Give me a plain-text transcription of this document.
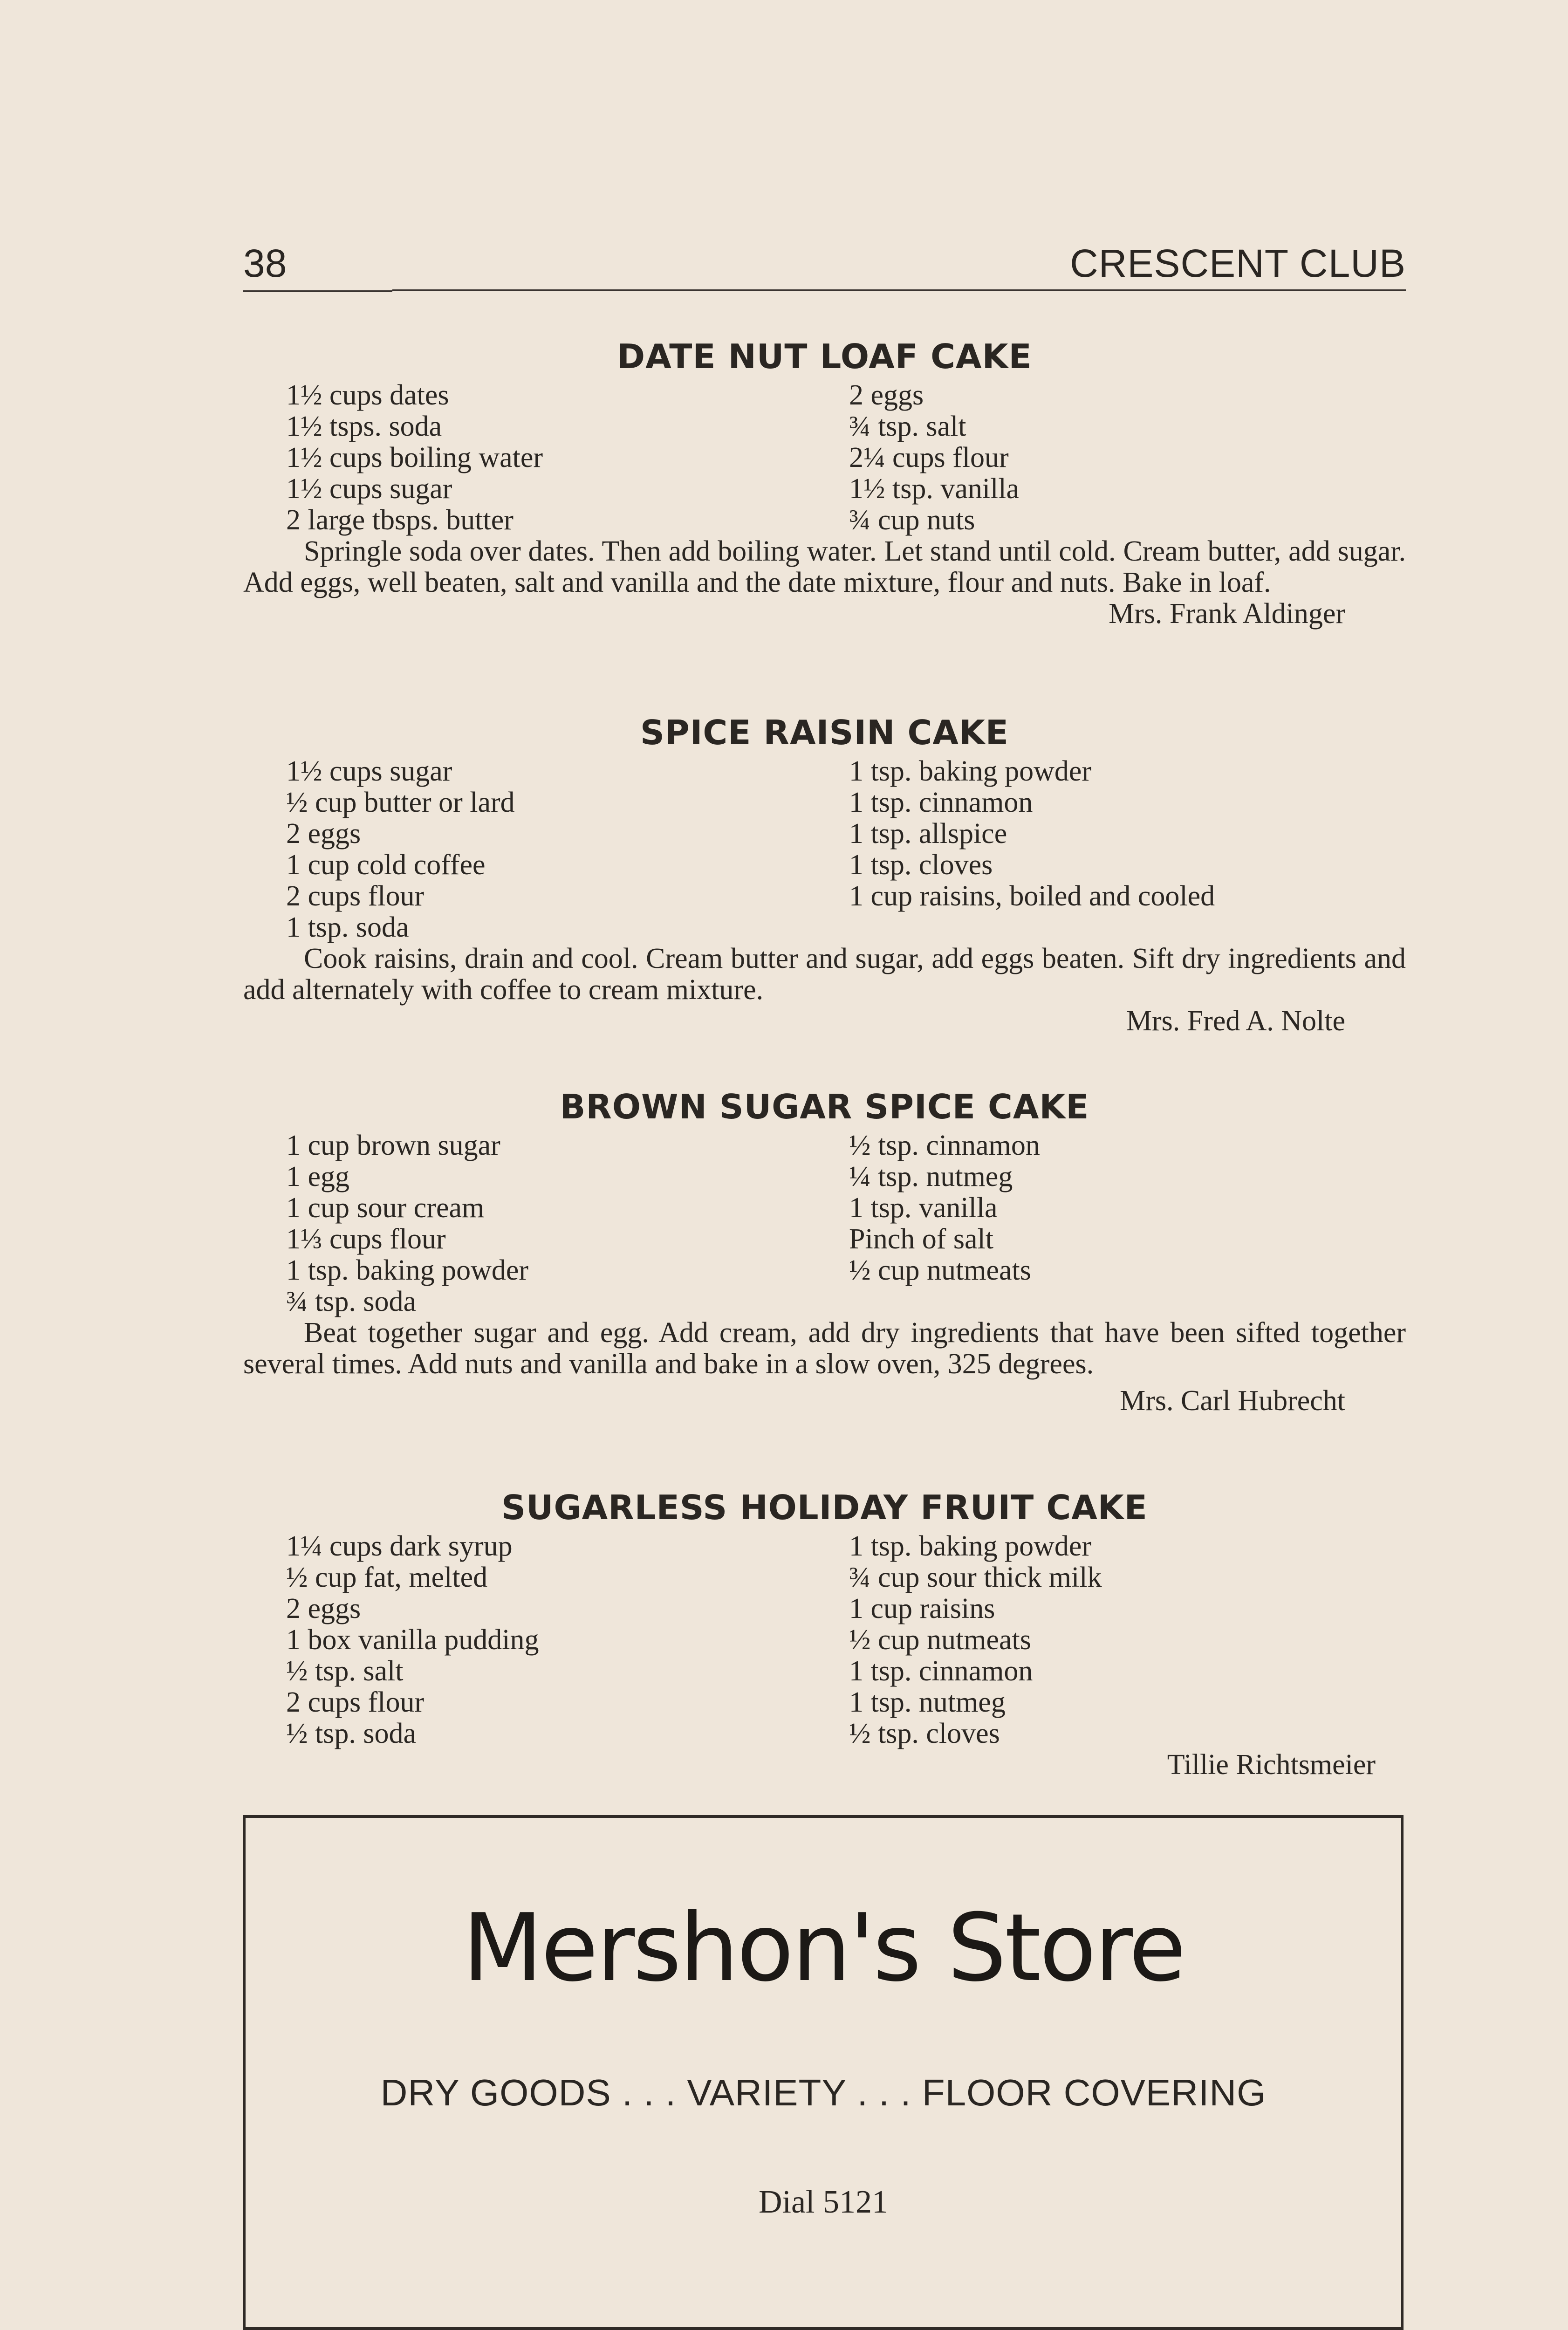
38	CRESCENT CLUB
DATE NUT LOAF CAKE
1½ cups dates
1½ tsps. soda
1½ cups boiling water
1½ cups sugar
2 large tbsps. butter
2 eggs
¾ tsp. salt
2¼ cups flour
1½ tsp. vanilla
¾ cup nuts

Springle soda over dates. Then add boiling water. Let stand until cold. Cream butter, add sugar. Add eggs, well beaten, salt and vanilla and the date mixture, flour and nuts. Bake in loaf.

Mrs. Frank Aldinger
SPICE RAISIN CAKE
1½ cups sugar
½ cup butter or lard
2 eggs
1 cup cold coffee
2 cups flour
1 tsp. soda
1 tsp. baking powder
1 tsp. cinnamon
1 tsp. allspice
1 tsp. cloves
1 cup raisins, boiled and cooled

Cook raisins, drain and cool. Cream butter and sugar, add eggs beaten. Sift dry ingredients and add alternately with coffee to cream mixture.

Mrs. Fred A. Nolte
BROWN SUGAR SPICE CAKE
1 cup brown sugar
1 egg
1 cup sour cream
1⅓ cups flour
1 tsp. baking powder
¾ tsp. soda
½ tsp. cinnamon
¼ tsp. nutmeg
1 tsp. vanilla
Pinch of salt
½ cup nutmeats

Beat together sugar and egg. Add cream, add dry ingredients that have been sifted together several times. Add nuts and vanilla and bake in a slow oven, 325 degrees.

Mrs. Carl Hubrecht
SUGARLESS HOLIDAY FRUIT CAKE
1¼ cups dark syrup
½ cup fat, melted
2 eggs
1 box vanilla pudding
½ tsp. salt
2 cups flour
½ tsp. soda
1 tsp. baking powder
¾ cup sour thick milk
1 cup raisins
½ cup nutmeats
1 tsp. cinnamon
1 tsp. nutmeg
½ tsp. cloves
Tillie Richtsmeier
Mershon's Store
DRY GOODS . . . VARIETY . . . FLOOR COVERING
Dial 5121
